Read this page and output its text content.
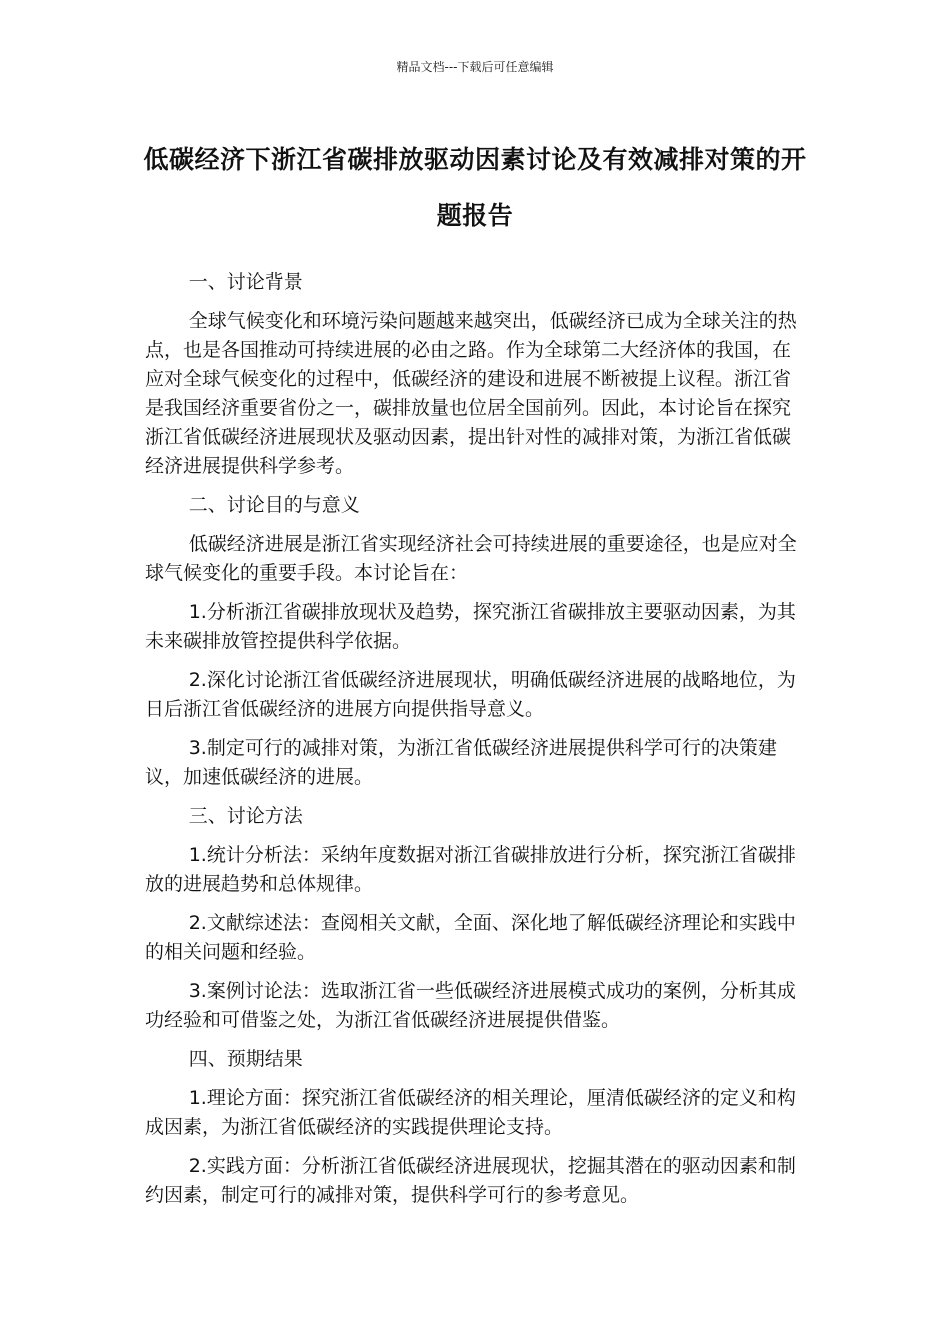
精品文档---下载后可任意编辑
低碳经济下浙江省碳排放驱动因素讨论及有效减排对策的开题报告

一、讨论背景

全球气候变化和环境污染问题越来越突出，低碳经济已成为全球关注的热点，也是各国推动可持续进展的必由之路。作为全球第二大经济体的我国，在应对全球气候变化的过程中，低碳经济的建设和进展不断被提上议程。浙江省是我国经济重要省份之一，碳排放量也位居全国前列。因此，本讨论旨在探究浙江省低碳经济进展现状及驱动因素，提出针对性的减排对策，为浙江省低碳经济进展提供科学参考。

二、讨论目的与意义

低碳经济进展是浙江省实现经济社会可持续进展的重要途径，也是应对全球气候变化的重要手段。本讨论旨在：

1.分析浙江省碳排放现状及趋势，探究浙江省碳排放主要驱动因素，为其未来碳排放管控提供科学依据。

2.深化讨论浙江省低碳经济进展现状，明确低碳经济进展的战略地位，为日后浙江省低碳经济的进展方向提供指导意义。

3.制定可行的减排对策，为浙江省低碳经济进展提供科学可行的决策建议，加速低碳经济的进展。

三、讨论方法

1.统计分析法：采纳年度数据对浙江省碳排放进行分析，探究浙江省碳排放的进展趋势和总体规律。

2.文献综述法：查阅相关文献，全面、深化地了解低碳经济理论和实践中的相关问题和经验。

3.案例讨论法：选取浙江省一些低碳经济进展模式成功的案例，分析其成功经验和可借鉴之处，为浙江省低碳经济进展提供借鉴。

四、预期结果

1.理论方面：探究浙江省低碳经济的相关理论，厘清低碳经济的定义和构成因素，为浙江省低碳经济的实践提供理论支持。

2.实践方面：分析浙江省低碳经济进展现状，挖掘其潜在的驱动因素和制约因素，制定可行的减排对策，提供科学可行的参考意见。
